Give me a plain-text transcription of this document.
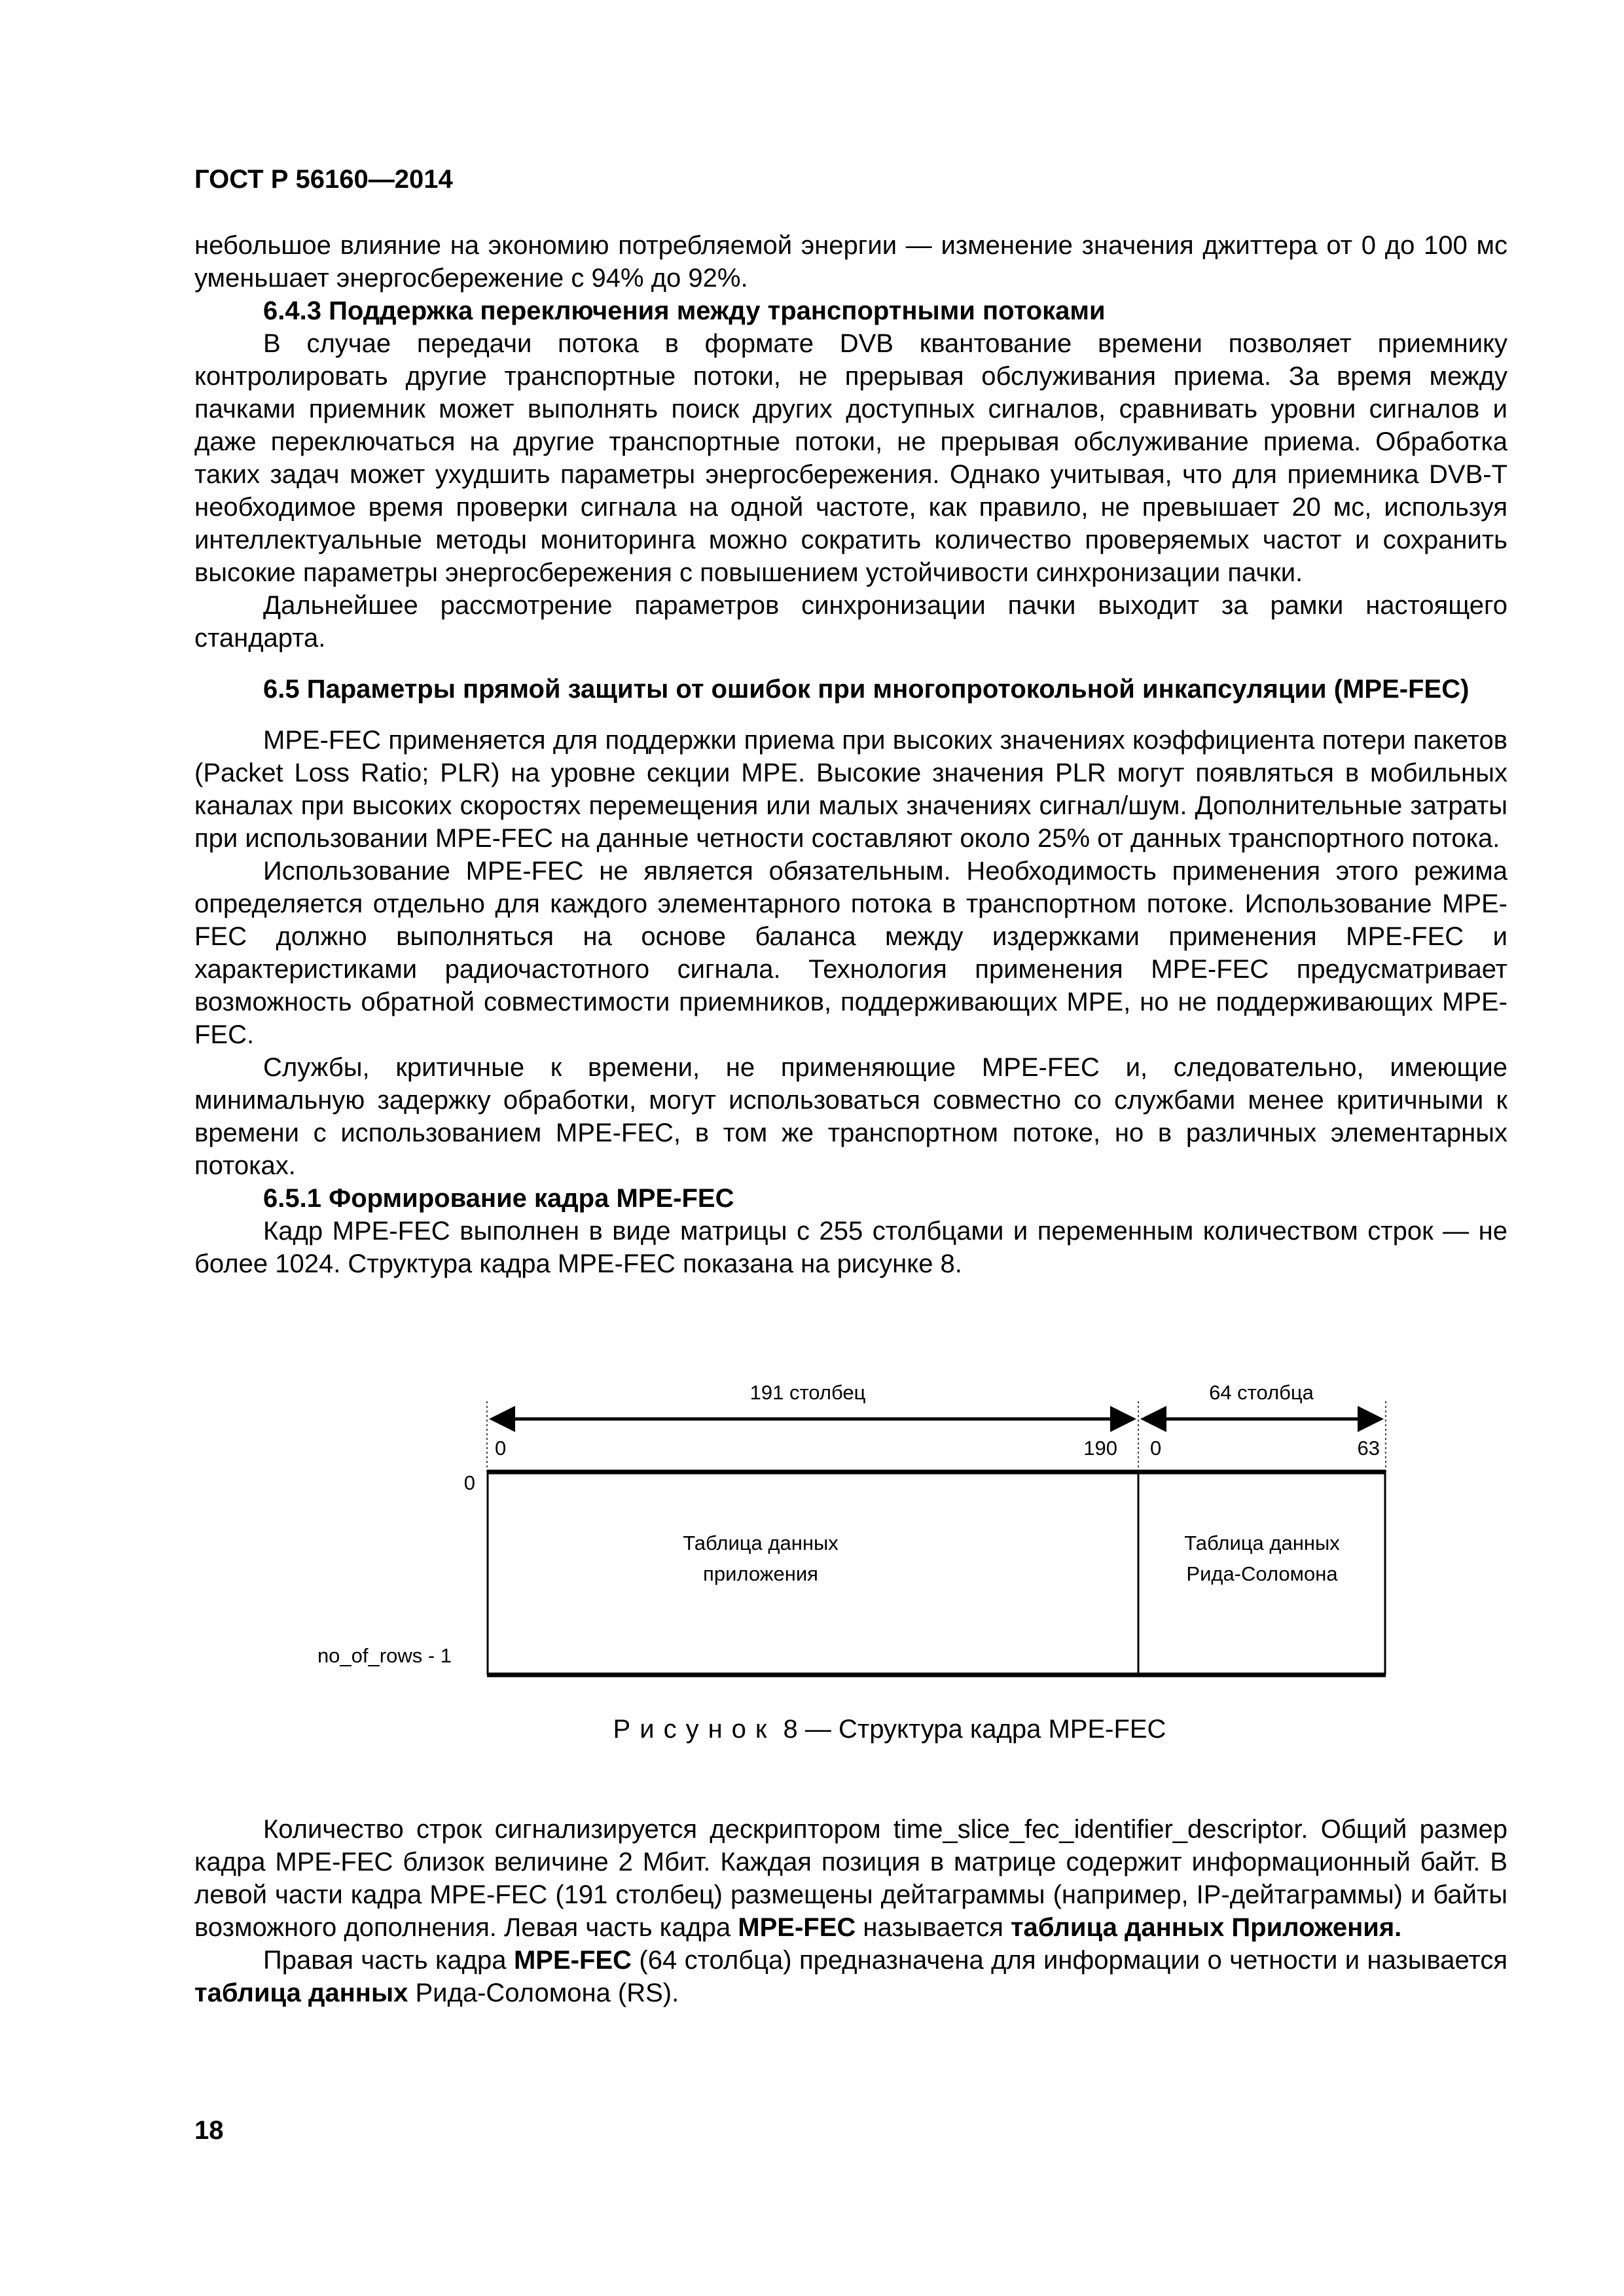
ГОСТ Р 56160—2014

небольшое влияние на экономию потребляемой энергии — изменение значения джиттера от 0 до 100 мс уменьшает энергосбережение с 94% до 92%.

6.4.3 Поддержка переключения между транспортными потоками

В случае передачи потока в формате DVB квантование времени позволяет приемнику контролировать другие транспортные потоки, не прерывая обслуживания приема. За время между пачками приемник может выполнять поиск других доступных сигналов, сравнивать уровни сигналов и даже переключаться на другие транспортные потоки, не прерывая обслуживание приема. Обработка таких задач может ухудшить параметры энергосбережения. Однако учитывая, что для приемника DVB-T необходимое время проверки сигнала на одной частоте, как правило, не превышает 20 мс, используя интеллектуальные методы мониторинга можно сократить количество проверяемых частот и сохранить высокие параметры энергосбережения с повышением устойчивости синхронизации пачки.

Дальнейшее рассмотрение параметров синхронизации пачки выходит за рамки настоящего стандарта.

6.5 Параметры прямой защиты от ошибок при многопротокольной инкапсуляции (MPE-FEC)

MPE-FEC применяется для поддержки приема при высоких значениях коэффициента потери пакетов (Packet Loss Ratio; PLR) на уровне секции MPE. Высокие значения PLR могут появляться в мобильных каналах при высоких скоростях перемещения или малых значениях сигнал/шум. Дополнительные затраты при использовании MPE-FEC на данные четности составляют около 25% от данных транспортного потока.

Использование MPE-FEC не является обязательным. Необходимость применения этого режима определяется отдельно для каждого элементарного потока в транспортном потоке. Использование MPE-FEC должно выполняться на основе баланса между издержками применения MPE-FEC и характеристиками радиочастотного сигнала. Технология применения MPE-FEC предусматривает возможность обратной совместимости приемников, поддерживающих MPE, но не поддерживающих MPE-FEC.

Службы, критичные к времени, не применяющие MPE-FEC и, следовательно, имеющие минимальную задержку обработки, могут использоваться совместно со службами менее критичными к времени с использованием MPE-FEC, в том же транспортном потоке, но в различных элементарных потоках.

6.5.1 Формирование кадра MPE-FEC

Кадр MPE-FEC выполнен в виде матрицы с 255 столбцами и переменным количеством строк — не более 1024. Структура кадра MPE-FEC показана на рисунке 8.

191 столбец	64 столбца
0	190 0	63
0
no_of_rows - 1
Таблица данных
приложения
Таблица данных
Рида-Соломона
Рисунок 8 — Структура кадра MPE-FEC

Количество строк сигнализируется дескриптором time_slice_fec_identifier_descriptor. Общий размер кадра MPE-FEC близок величине 2 Мбит. Каждая позиция в матрице содержит информационный байт. В левой части кадра MPE-FEC (191 столбец) размещены дейтаграммы (например, IP-дейтаграммы) и байты возможного дополнения. Левая часть кадра MPE-FEC называется таблица данных Приложения.

Правая часть кадра MPE-FEC (64 столбца) предназначена для информации о четности и называется таблица данных Рида-Соломона (RS).

18
